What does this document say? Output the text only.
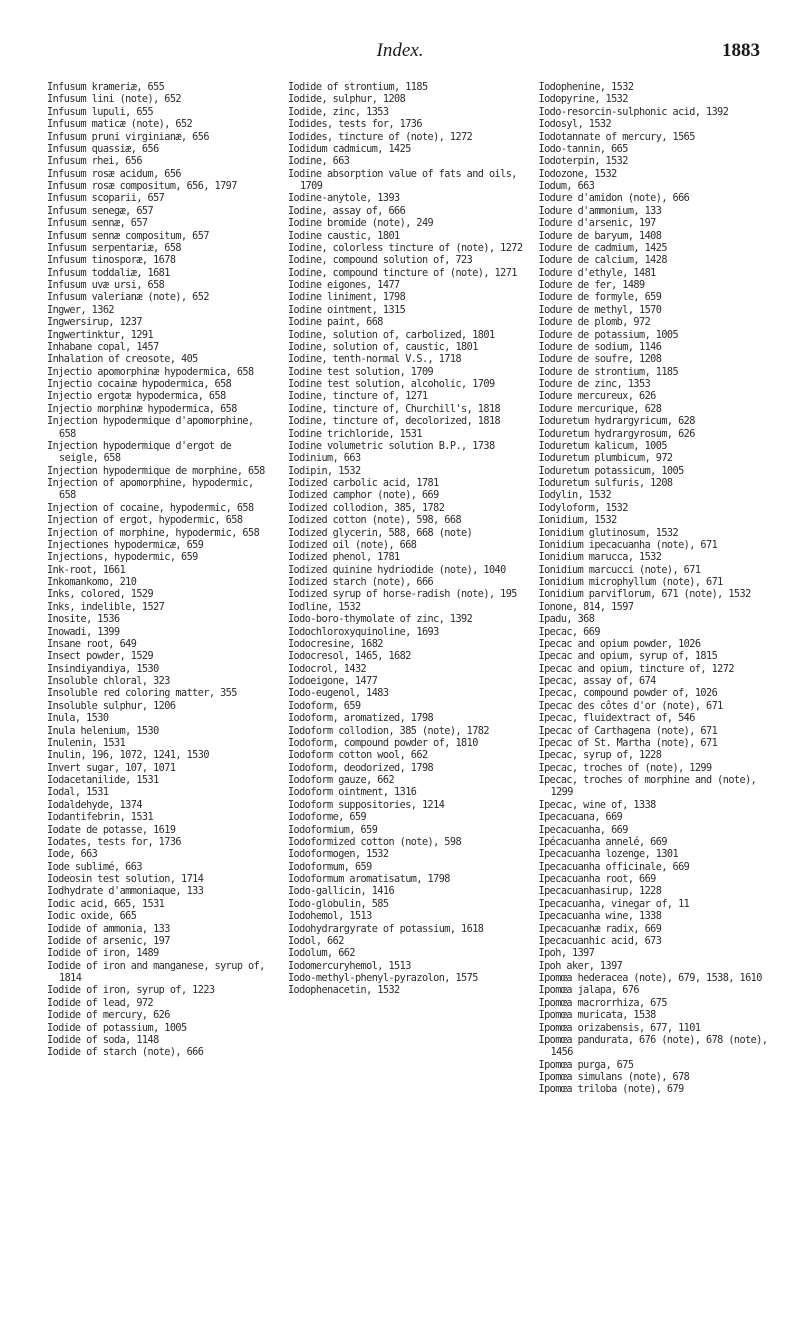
Index.	1883

Infusum krameriæ, 655

Infusum lini (note), 652

Infusum lupuli, 655

Infusum maticæ (note), 652

Infusum pruni virginianæ, 656

Infusum quassiæ, 656

Infusum rhei, 656

Infusum rosæ acidum, 656

Infusum rosæ compositum, 656, 1797

Infusum scoparii, 657

Infusum senegæ, 657

Infusum sennæ, 657

Infusum sennæ compositum, 657

Infusum serpentariæ, 658

Infusum tinosporæ, 1678

Infusum toddaliæ, 1681

Infusum uvæ ursi, 658

Infusum valerianæ (note), 652

Ingwer, 1362

Ingwersirup, 1237

Ingwertinktur, 1291

Inhabane copal, 1457

Inhalation of creosote, 405

Injectio apomorphinæ hypodermica, 658

Injectio cocainæ hypodermica, 658

Injectio ergotæ hypodermica, 658

Injectio morphinæ hypodermica, 658

Injection hypodermique d'apomorphine, 658

Injection hypodermique d'ergot de seigle, 658

Injection hypodermique de morphine, 658

Injection of apomorphine, hypodermic, 658

Injection of cocaine, hypodermic, 658

Injection of ergot, hypodermic, 658

Injection of morphine, hypodermic, 658

Injectiones hypodermicæ, 659

Injections, hypodermic, 659

Ink-root, 1661

Inkomankomo, 210

Inks, colored, 1529

Inks, indelible, 1527

Inosite, 1536

Inowadi, 1399

Insane root, 649

Insect powder, 1529

Insindiyandiya, 1530

Insoluble chloral, 323

Insoluble red coloring matter, 355

Insoluble sulphur, 1206

Inula, 1530

Inula helenium, 1530

Inulenin, 1531

Inulin, 196, 1072, 1241, 1530

Invert sugar, 107, 1071

Iodacetanilide, 1531

Iodal, 1531

Iodaldehyde, 1374

Iodantifebrin, 1531

Iodate de potasse, 1619

Iodates, tests for, 1736

Iode, 663

Iode sublimé, 663

Iodeosin test solution, 1714

Iodhydrate d'ammoniaque, 133

Iodic acid, 665, 1531

Iodic oxide, 665

Iodide of ammonia, 133

Iodide of arsenic, 197

Iodide of iron, 1489

Iodide of iron and manganese, syrup of, 1814

Iodide of iron, syrup of, 1223

Iodide of lead, 972

Iodide of mercury, 626

Iodide of potassium, 1005

Iodide of soda, 1148

Iodide of starch (note), 666

Iodide of strontium, 1185

Iodide, sulphur, 1208

Iodide, zinc, 1353

Iodides, tests for, 1736

Iodides, tincture of (note), 1272

Iodidum cadmicum, 1425

Iodine, 663

Iodine absorption value of fats and oils, 1709

Iodine-anytole, 1393

Iodine, assay of, 666

Iodine bromide (note), 249

Iodine caustic, 1801

Iodine, colorless tincture of (note), 1272

Iodine, compound solution of, 723

Iodine, compound tincture of (note), 1271

Iodine eigones, 1477

Iodine liniment, 1798

Iodine ointment, 1315

Iodine paint, 668

Iodine, solution of, carbolized, 1801

Iodine, solution of, caustic, 1801

Iodine, tenth-normal V.S., 1718

Iodine test solution, 1709

Iodine test solution, alcoholic, 1709

Iodine, tincture of, 1271

Iodine, tincture of, Churchill's, 1818

Iodine, tincture of, decolorized, 1818

Iodine trichloride, 1531

Iodine volumetric solution B.P., 1738

Iodinium, 663

Iodipin, 1532

Iodized carbolic acid, 1781

Iodized camphor (note), 669

Iodized collodion, 385, 1782

Iodized cotton (note), 598, 668

Iodized glycerin, 588, 668 (note)

Iodized oil (note), 668

Iodized phenol, 1781

Iodized quinine hydriodide (note), 1040

Iodized starch (note), 666

Iodized syrup of horse-radish (note), 195

Iodline, 1532

Iodo-boro-thymolate of zinc, 1392

Iodochloroxyquinoline, 1693

Iodocresine, 1682

Iodocresol, 1465, 1682

Iodocrol, 1432

Iodoeigone, 1477

Iodo-eugenol, 1483

Iodoform, 659

Iodoform, aromatized, 1798

Iodoform collodion, 385 (note), 1782

Iodoform, compound powder of, 1810

Iodoform cotton wool, 662

Iodoform, deodorized, 1798

Iodoform gauze, 662

Iodoform ointment, 1316

Iodoform suppositories, 1214

Iodoforme, 659

Iodoformium, 659

Iodoformized cotton (note), 598

Iodoformogen, 1532

Iodoformum, 659

Iodoformum aromatisatum, 1798

Iodo-gallicin, 1416

Iodo-globulin, 585

Iodohemol, 1513

Iodohydrargyrate of potassium, 1618

Iodol, 662

Iodolum, 662

Iodomercuryhemol, 1513

Iodo-methyl-phenyl-pyrazolon, 1575

Iodophenacetin, 1532

Iodophenine, 1532

Iodopyrine, 1532

Iodo-resorcin-sulphonic acid, 1392

Iodosyl, 1532

Iodotannate of mercury, 1565

Iodo-tannin, 665

Iodoterpin, 1532

Iodozone, 1532

Iodum, 663

Iodure d'amidon (note), 666

Iodure d'ammonium, 133

Iodure d'arsenic, 197

Iodure de baryum, 1408

Iodure de cadmium, 1425

Iodure de calcium, 1428

Iodure d'ethyle, 1481

Iodure de fer, 1489

Iodure de formyle, 659

Iodure de methyl, 1570

Iodure de plomb, 972

Iodure de potassium, 1005

Iodure de sodium, 1146

Iodure de soufre, 1208

Iodure de strontium, 1185

Iodure de zinc, 1353

Iodure mercureux, 626

Iodure mercurique, 628

Ioduretum hydrargyricum, 628

Ioduretum hydrargyrosum, 626

Ioduretum kalicum, 1005

Ioduretum plumbicum, 972

Ioduretum potassicum, 1005

Ioduretum sulfuris, 1208

Iodylin, 1532

Iodyloform, 1532

Ionidium, 1532

Ionidium glutinosum, 1532

Ionidium ipecacuanha (note), 671

Ionidium marucca, 1532

Ionidium marcucci (note), 671

Ionidium microphyllum (note), 671

Ionidium parviflorum, 671 (note), 1532

Ionone, 814, 1597

Ipadu, 368

Ipecac, 669

Ipecac and opium powder, 1026

Ipecac and opium, syrup of, 1815

Ipecac and opium, tincture of, 1272

Ipecac, assay of, 674

Ipecac, compound powder of, 1026

Ipecac des côtes d'or (note), 671

Ipecac, fluidextract of, 546

Ipecac of Carthagena (note), 671

Ipecac of St. Martha (note), 671

Ipecac, syrup of, 1228

Ipecac, troches of (note), 1299

Ipecac, troches of morphine and (note), 1299

Ipecac, wine of, 1338

Ipecacuana, 669

Ipecacuanha, 669

Ipécacuanha annelé, 669

Ipecacuanha lozenge, 1301

Ipecacuanha officinale, 669

Ipecacuanha root, 669

Ipecacuanhasirup, 1228

Ipecacuanha, vinegar of, 11

Ipecacuanha wine, 1338

Ipecacuanhæ radix, 669

Ipecacuanhic acid, 673

Ipoh, 1397

Ipoh aker, 1397

Ipomœa hederacea (note), 679, 1538, 1610

Ipomœa jalapa, 676

Ipomœa macrorrhiza, 675

Ipomœa muricata, 1538

Ipomœa orizabensis, 677, 1101

Ipomœa pandurata, 676 (note), 678 (note), 1456

Ipomœa purga, 675

Ipomœa simulans (note), 678

Ipomœa triloba (note), 679
